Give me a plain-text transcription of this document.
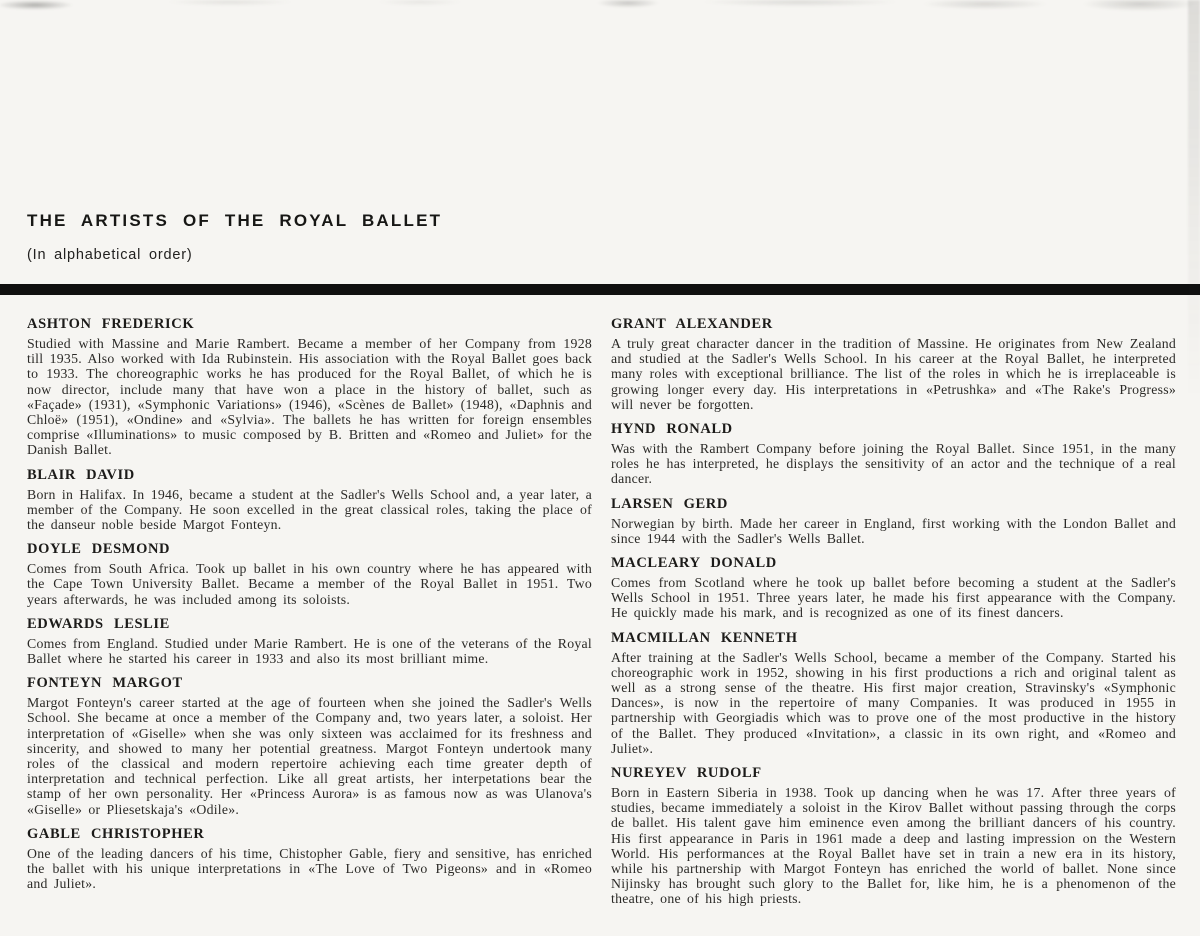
THE ARTISTS OF THE ROYAL BALLET

(In alphabetical order)

ASHTON FREDERICK

Studied with Massine and Marie Rambert. Became a member of her Company from 1928 till 1935. Also worked with Ida Rubinstein. His association with the Royal Ballet goes back to 1933. The choreographic works he has produced for the Royal Ballet, of which he is now director, include many that have won a place in the history of ballet, such as «Façade» (1931), «Symphonic Variations» (1946), «Scènes de Ballet» (1948), «Daphnis and Chloë» (1951), «Ondine» and «Sylvia». The ballets he has written for foreign ensembles comprise «Illuminations» to music composed by B. Britten and «Romeo and Juliet» for the Danish Ballet.

BLAIR DAVID

Born in Halifax. In 1946, became a student at the Sadler's Wells School and, a year later, a member of the Company. He soon excelled in the great classical roles, taking the place of the danseur noble beside Margot Fonteyn.

DOYLE DESMOND

Comes from South Africa. Took up ballet in his own country where he has appeared with the Cape Town University Ballet. Became a member of the Royal Ballet in 1951. Two years afterwards, he was included among its soloists.

EDWARDS LESLIE

Comes from England. Studied under Marie Rambert. He is one of the veterans of the Royal Ballet where he started his career in 1933 and also its most brilliant mime.

FONTEYN MARGOT

Margot Fonteyn's career started at the age of fourteen when she joined the Sadler's Wells School. She became at once a member of the Company and, two years later, a soloist. Her interpretation of «Giselle» when she was only sixteen was acclaimed for its freshness and sincerity, and showed to many her potential greatness. Margot Fonteyn undertook many roles of the classical and modern repertoire achieving each time greater depth of interpretation and technical perfection. Like all great artists, her interpetations bear the stamp of her own personality. Her «Princess Aurora» is as famous now as was Ulanova's «Giselle» or Pliesetskaja's «Odile».

GABLE CHRISTOPHER

One of the leading dancers of his time, Chistopher Gable, fiery and sensitive, has enriched the ballet with his unique interpretations in «The Love of Two Pigeons» and in «Romeo and Juliet».

GRANT ALEXANDER

A truly great character dancer in the tradition of Massine. He originates from New Zealand and studied at the Sadler's Wells School. In his career at the Royal Ballet, he interpreted many roles with exceptional brilliance. The list of the roles in which he is irreplaceable is growing longer every day. His interpretations in «Petrushka» and «The Rake's Progress» will never be forgotten.

HYND RONALD

Was with the Rambert Company before joining the Royal Ballet. Since 1951, in the many roles he has interpreted, he displays the sensitivity of an actor and the technique of a real dancer.

LARSEN GERD

Norwegian by birth. Made her career in England, first working with the London Ballet and since 1944 with the Sadler's Wells Ballet.

MACLEARY DONALD

Comes from Scotland where he took up ballet before becoming a student at the Sadler's Wells School in 1951. Three years later, he made his first appearance with the Company. He quickly made his mark, and is recognized as one of its finest dancers.

MACMILLAN KENNETH

After training at the Sadler's Wells School, became a member of the Company. Started his choreographic work in 1952, showing in his first productions a rich and original talent as well as a strong sense of the theatre. His first major creation, Stravinsky's «Symphonic Dances», is now in the repertoire of many Companies. It was produced in 1955 in partnership with Georgiadis which was to prove one of the most productive in the history of the Ballet. They produced «Invitation», a classic in its own right, and «Romeo and Juliet».

NUREYEV RUDOLF

Born in Eastern Siberia in 1938. Took up dancing when he was 17. After three years of studies, became immediately a soloist in the Kirov Ballet without passing through the corps de ballet. His talent gave him eminence even among the brilliant dancers of his country. His first appearance in Paris in 1961 made a deep and lasting impression on the Western World. His performances at the Royal Ballet have set in train a new era in its history, while his partnership with Margot Fonteyn has enriched the world of ballet. None since Nijinsky has brought such glory to the Ballet for, like him, he is a phenomenon of the theatre, one of his high priests.
